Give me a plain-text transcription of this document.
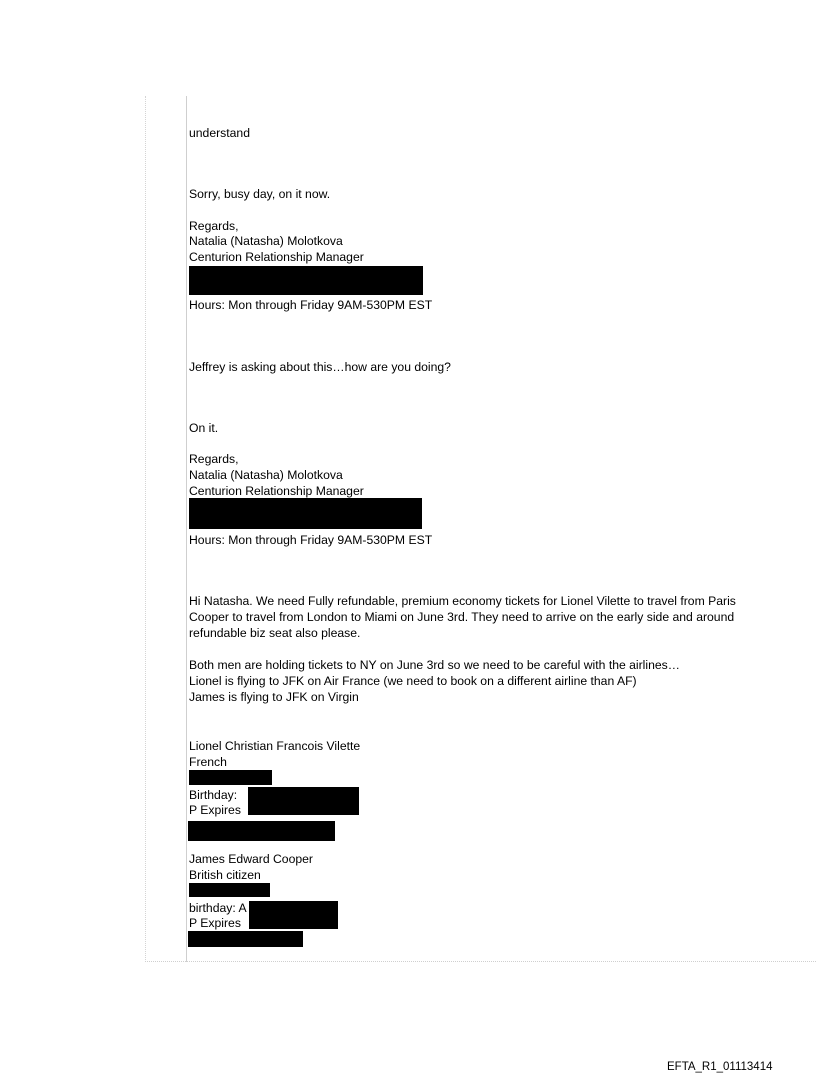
understand
Sorry, busy day, on it now.
Regards,
Natalia (Natasha) Molotkova
Centurion Relationship Manager
Hours: Mon through Friday 9AM-530PM EST
Jeffrey is asking about this…how are you doing?
On it.
Regards,
Natalia (Natasha) Molotkova
Centurion Relationship Manager
Hours: Mon through Friday 9AM-530PM EST
Hi Natasha. We need Fully refundable, premium economy tickets for Lionel Vilette to travel from Paris
Cooper to travel from London to Miami on June 3rd. They need to arrive on the early side and around
refundable biz seat also please.
Both men are holding tickets to NY on June 3rd so we need to be careful with the airlines…
Lionel is flying to JFK on Air France (we need to book on a different airline than AF)
James is flying to JFK on Virgin
Lionel Christian Francois Vilette
French
Birthday:
P Expires
James Edward Cooper
British citizen
birthday: A
P Expires
EFTA_R1_01113414
